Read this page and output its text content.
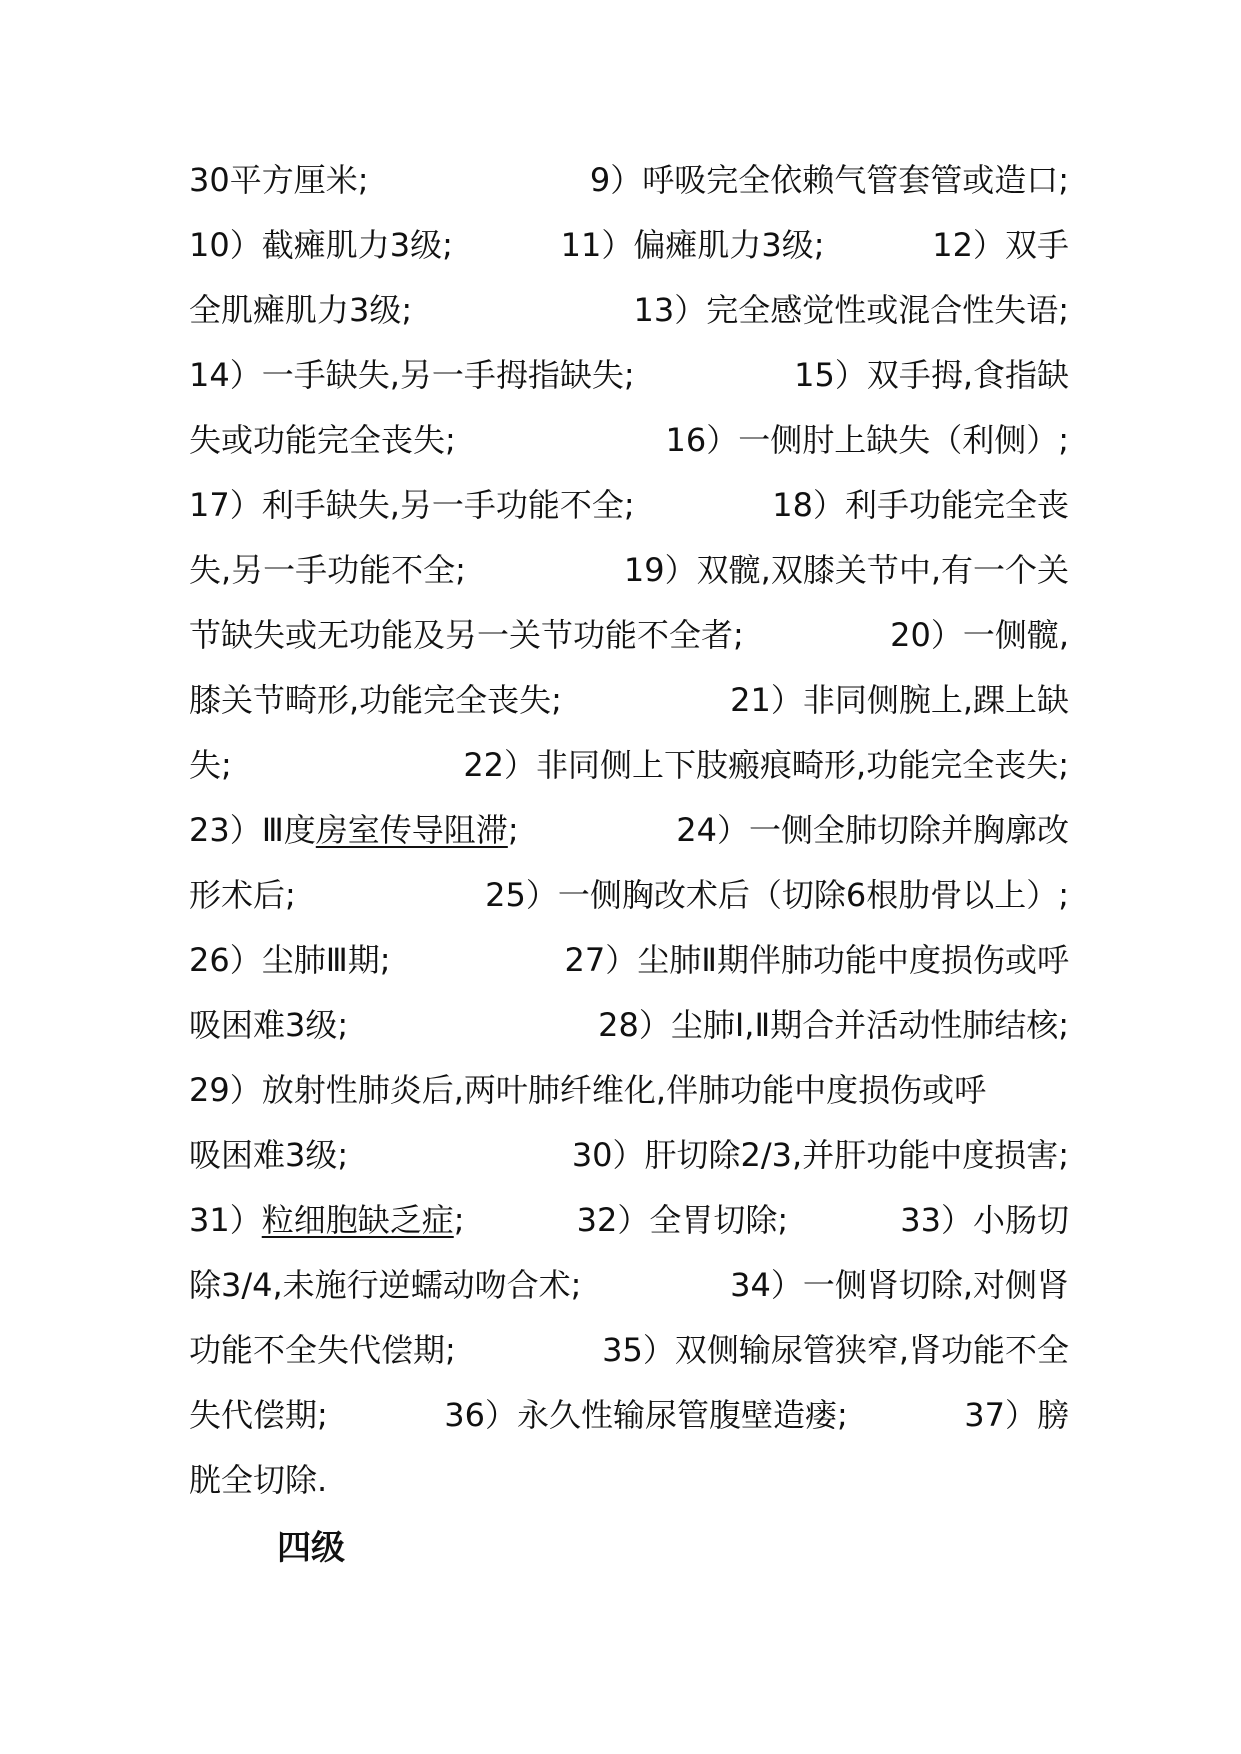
30平方厘米;	9）呼吸完全依赖气管套管或造口;
10）截瘫肌力3级;	11）偏瘫肌力3级;	12）双手
全肌瘫肌力3级;	13）完全感觉性或混合性失语;
14）一手缺失,另一手拇指缺失;	15）双手拇,食指缺
失或功能完全丧失;	16）一侧肘上缺失（利侧）;
17）利手缺失,另一手功能不全;	18）利手功能完全丧
失,另一手功能不全;	19）双髋,双膝关节中,有一个关
节缺失或无功能及另一关节功能不全者;	20）一侧髋,
膝关节畸形,功能完全丧失;	21）非同侧腕上,踝上缺
失;	22）非同侧上下肢瘢痕畸形,功能完全丧失;
23）Ⅲ度房室传导阻滞;	24）一侧全肺切除并胸廓改
形术后;	25）一侧胸改术后（切除6根肋骨以上）;
26）尘肺Ⅲ期;	27）尘肺Ⅱ期伴肺功能中度损伤或呼
吸困难3级;	28）尘肺Ⅰ,Ⅱ期合并活动性肺结核;
29）放射性肺炎后,两叶肺纤维化,伴肺功能中度损伤或呼
吸困难3级;	30）肝切除2/3,并肝功能中度损害;
31）粒细胞缺乏症;	32）全胃切除;	33）小肠切
除3/4,未施行逆蠕动吻合术;	34）一侧肾切除,对侧肾
功能不全失代偿期;	35）双侧输尿管狭窄,肾功能不全
失代偿期;	36）永久性输尿管腹壁造瘘;	37）膀
胱全切除.
四级
